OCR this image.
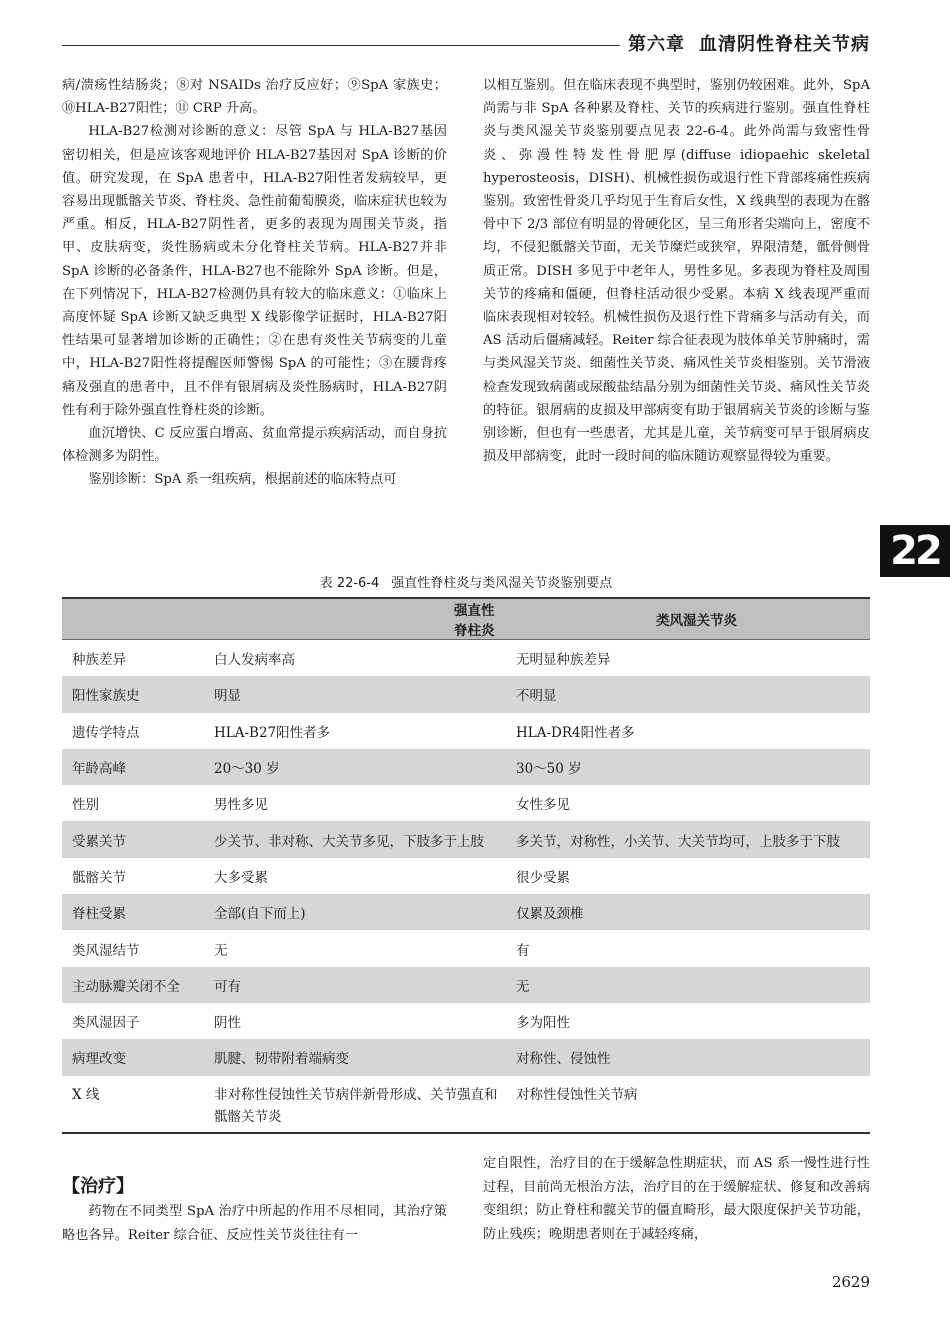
第六章 血清阴性脊柱关节病

病/溃疡性结肠炎；⑧对 NSAIDs 治疗反应好；⑨SpA 家族史；⑩HLA-B27阳性；⑪ CRP 升高。

HLA-B27检测对诊断的意义：尽管 SpA 与 HLA-B27基因密切相关，但是应该客观地评价 HLA-B27基因对 SpA 诊断的价值。研究发现，在 SpA 患者中，HLA-B27阳性者发病较早，更容易出现骶髂关节炎、脊柱炎、急性前葡萄膜炎，临床症状也较为严重。相反，HLA-B27阴性者，更多的表现为周围关节炎，指甲、皮肤病变，炎性肠病或未分化脊柱关节病。HLA-B27并非 SpA 诊断的必备条件，HLA-B27也不能除外 SpA 诊断。但是，在下列情况下，HLA-B27检测仍具有较大的临床意义：①临床上高度怀疑 SpA 诊断又缺乏典型 X 线影像学证据时，HLA-B27阳性结果可显著增加诊断的正确性；②在患有炎性关节病变的儿童中，HLA-B27阳性将提醒医师警惕 SpA 的可能性；③在腰背疼痛及强直的患者中，且不伴有银屑病及炎性肠病时，HLA-B27阴性有利于除外强直性脊柱炎的诊断。

血沉增快、C 反应蛋白增高、贫血常提示疾病活动，而自身抗体检测多为阴性。

鉴别诊断：SpA 系一组疾病，根据前述的临床特点可

以相互鉴别。但在临床表现不典型时，鉴别仍较困难。此外，SpA 尚需与非 SpA 各种累及脊柱、关节的疾病进行鉴别。强直性脊柱炎与类风湿关节炎鉴别要点见表 22-6-4。此外尚需与致密性骨炎、弥漫性特发性骨肥厚(diffuse idiopaehic skeletal hyperosteosis，DISH)、机械性损伤或退行性下背部疼痛性疾病鉴别。致密性骨炎几乎均见于生育后女性，X 线典型的表现为在髂骨中下 2/3 部位有明显的骨硬化区，呈三角形者尖端向上，密度不均，不侵犯骶髂关节面，无关节糜烂或狭窄，界限清楚，骶骨侧骨质正常。DISH 多见于中老年人，男性多见。多表现为脊柱及周围关节的疼痛和僵硬，但脊柱活动很少受累。本病 X 线表现严重而临床表现相对较轻。机械性损伤及退行性下背痛多与活动有关，而 AS 活动后僵痛减轻。Reiter 综合征表现为肢体单关节肿痛时，需与类风湿关节炎、细菌性关节炎、痛风性关节炎相鉴别。关节滑液检查发现致病菌或尿酸盐结晶分别为细菌性关节炎、痛风性关节炎的特征。银屑病的皮损及甲部病变有助于银屑病关节炎的诊断与鉴别诊断，但也有一些患者，尤其是儿童，关节病变可早于银屑病皮损及甲部病变，此时一段时间的临床随访观察显得较为重要。

22
表 22-6-4 强直性脊柱炎与类风湿关节炎鉴别要点
	强直性脊柱炎	类风湿关节炎
种族差异	白人发病率高	无明显种族差异
阳性家族史	明显	不明显
遗传学特点	HLA-B27阳性者多	HLA-DR4阳性者多
年龄高峰	20～30 岁	30～50 岁
性别	男性多见	女性多见
受累关节	少关节、非对称、大关节多见，下肢多于上肢	多关节，对称性，小关节、大关节均可，上肢多于下肢
骶髂关节	大多受累	很少受累
脊柱受累	全部(自下而上)	仅累及颈椎
类风湿结节	无	有
主动脉瓣关闭不全	可有	无
类风湿因子	阴性	多为阳性
病理改变	肌腱、韧带附着端病变	对称性、侵蚀性
X 线	非对称性侵蚀性关节病伴新骨形成、关节强直和骶髂关节炎	对称性侵蚀性关节病
【治疗】

药物在不同类型 SpA 治疗中所起的作用不尽相同，其治疗策略也各异。Reiter 综合征、反应性关节炎往往有一

定自限性，治疗目的在于缓解急性期症状，而 AS 系一慢性进行性过程，目前尚无根治方法，治疗目的在于缓解症状、修复和改善病变组织；防止脊柱和髋关节的僵直畸形，最大限度保护关节功能，防止残疾；晚期患者则在于减轻疼痛，

2629
